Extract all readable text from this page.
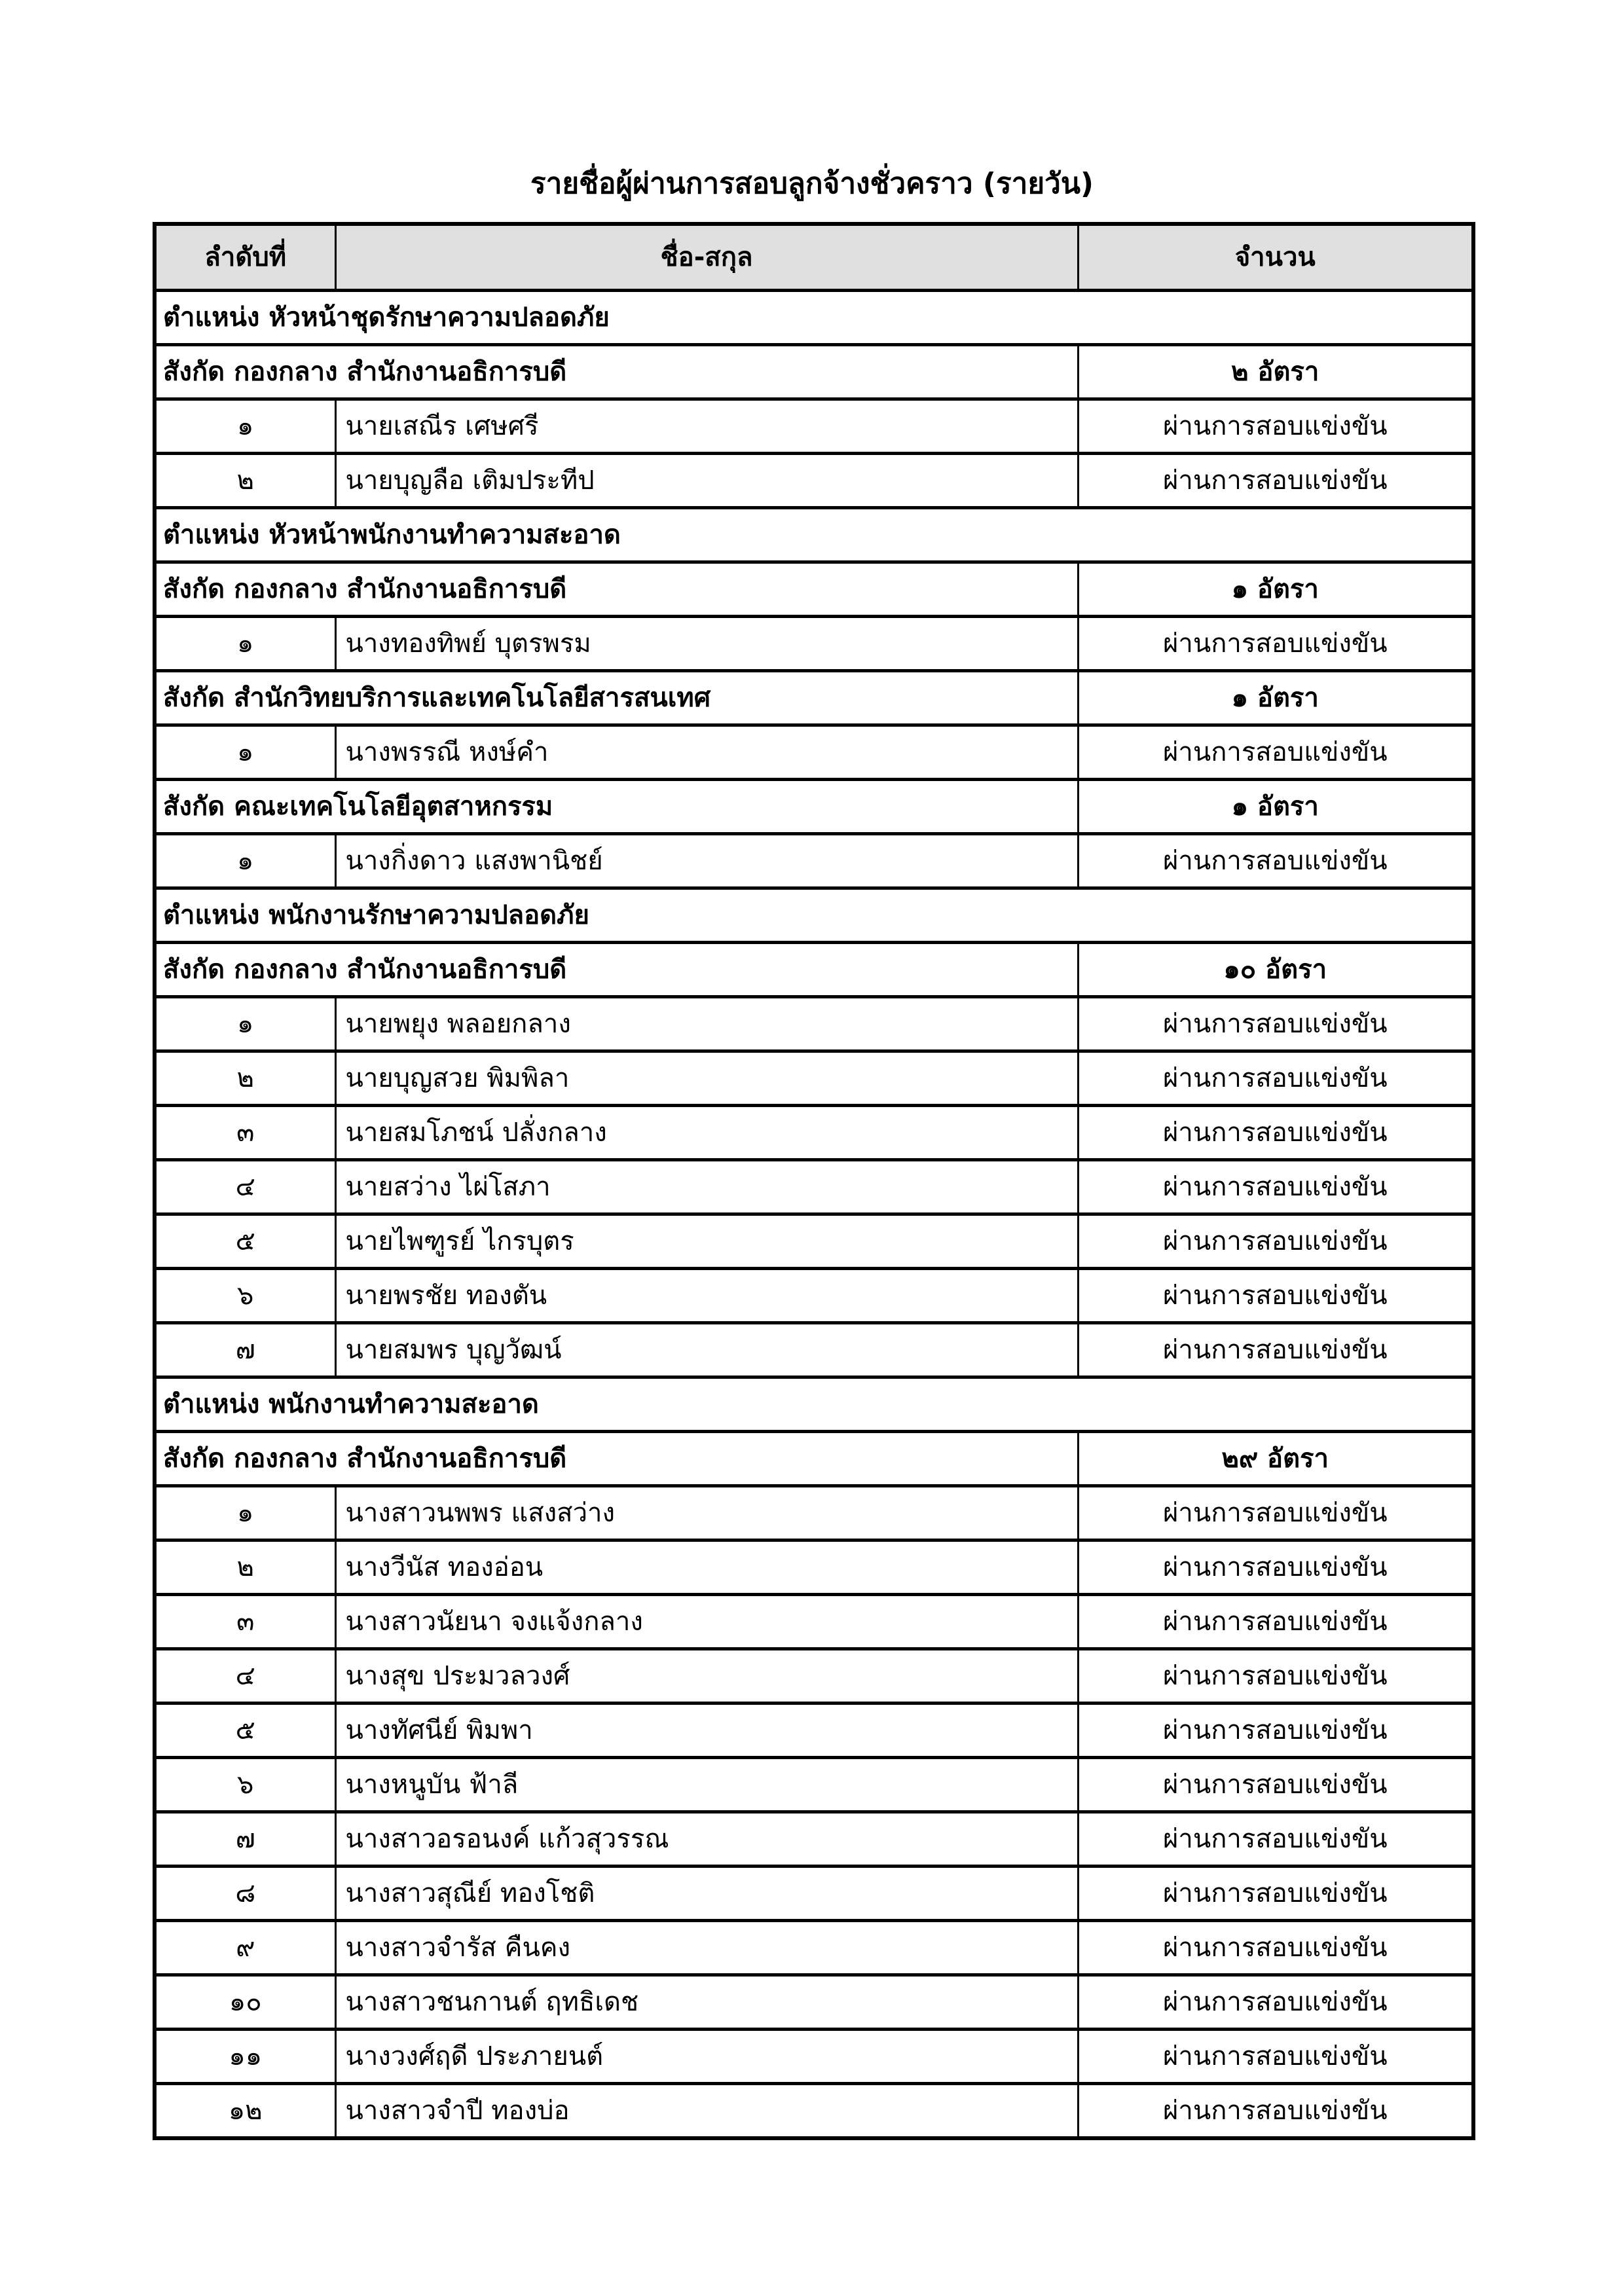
รายชื่อผู้ผ่านการสอบลูกจ้างชั่วคราว (รายวัน)
ลำดับที่	ชื่อ-สกุล	จำนวน
ตำแหน่ง หัวหน้าชุดรักษาความปลอดภัย		
สังกัด กองกลาง สำนักงานอธิการบดี		๒ อัตรา
๑	นายเสณีร เศษศรี	ผ่านการสอบแข่งขัน
๒	นายบุญลือ เติมประทีป	ผ่านการสอบแข่งขัน
ตำแหน่ง หัวหน้าพนักงานทำความสะอาด		
สังกัด กองกลาง สำนักงานอธิการบดี		๑ อัตรา
๑	นางทองทิพย์ บุตรพรม	ผ่านการสอบแข่งขัน
สังกัด สำนักวิทยบริการและเทคโนโลยีสารสนเทศ		๑ อัตรา
๑	นางพรรณี หงษ์คำ	ผ่านการสอบแข่งขัน
สังกัด คณะเทคโนโลยีอุตสาหกรรม		๑ อัตรา
๑	นางกิ่งดาว แสงพานิชย์	ผ่านการสอบแข่งขัน
ตำแหน่ง พนักงานรักษาความปลอดภัย		
สังกัด กองกลาง สำนักงานอธิการบดี		๑๐ อัตรา
๑	นายพยุง พลอยกลาง	ผ่านการสอบแข่งขัน
๒	นายบุญสวย พิมพิลา	ผ่านการสอบแข่งขัน
๓	นายสมโภชน์ ปลั่งกลาง	ผ่านการสอบแข่งขัน
๔	นายสว่าง ไผ่โสภา	ผ่านการสอบแข่งขัน
๕	นายไพฑูรย์ ไกรบุตร	ผ่านการสอบแข่งขัน
๖	นายพรชัย ทองตัน	ผ่านการสอบแข่งขัน
๗	นายสมพร บุญวัฒน์	ผ่านการสอบแข่งขัน
ตำแหน่ง พนักงานทำความสะอาด		
สังกัด กองกลาง สำนักงานอธิการบดี		๒๙ อัตรา
๑	นางสาวนพพร แสงสว่าง	ผ่านการสอบแข่งขัน
๒	นางวีนัส ทองอ่อน	ผ่านการสอบแข่งขัน
๓	นางสาวนัยนา จงแจ้งกลาง	ผ่านการสอบแข่งขัน
๔	นางสุข ประมวลวงศ์	ผ่านการสอบแข่งขัน
๕	นางทัศนีย์ พิมพา	ผ่านการสอบแข่งขัน
๖	นางหนูบัน ฟ้าลี	ผ่านการสอบแข่งขัน
๗	นางสาวอรอนงค์ แก้วสุวรรณ	ผ่านการสอบแข่งขัน
๘	นางสาวสุณีย์ ทองโชติ	ผ่านการสอบแข่งขัน
๙	นางสาวจำรัส คืนคง	ผ่านการสอบแข่งขัน
๑๐	นางสาวชนกานต์ ฤทธิเดช	ผ่านการสอบแข่งขัน
๑๑	นางวงศ์ฤดี ประภายนต์	ผ่านการสอบแข่งขัน
๑๒	นางสาวจำปี ทองบ่อ	ผ่านการสอบแข่งขัน
